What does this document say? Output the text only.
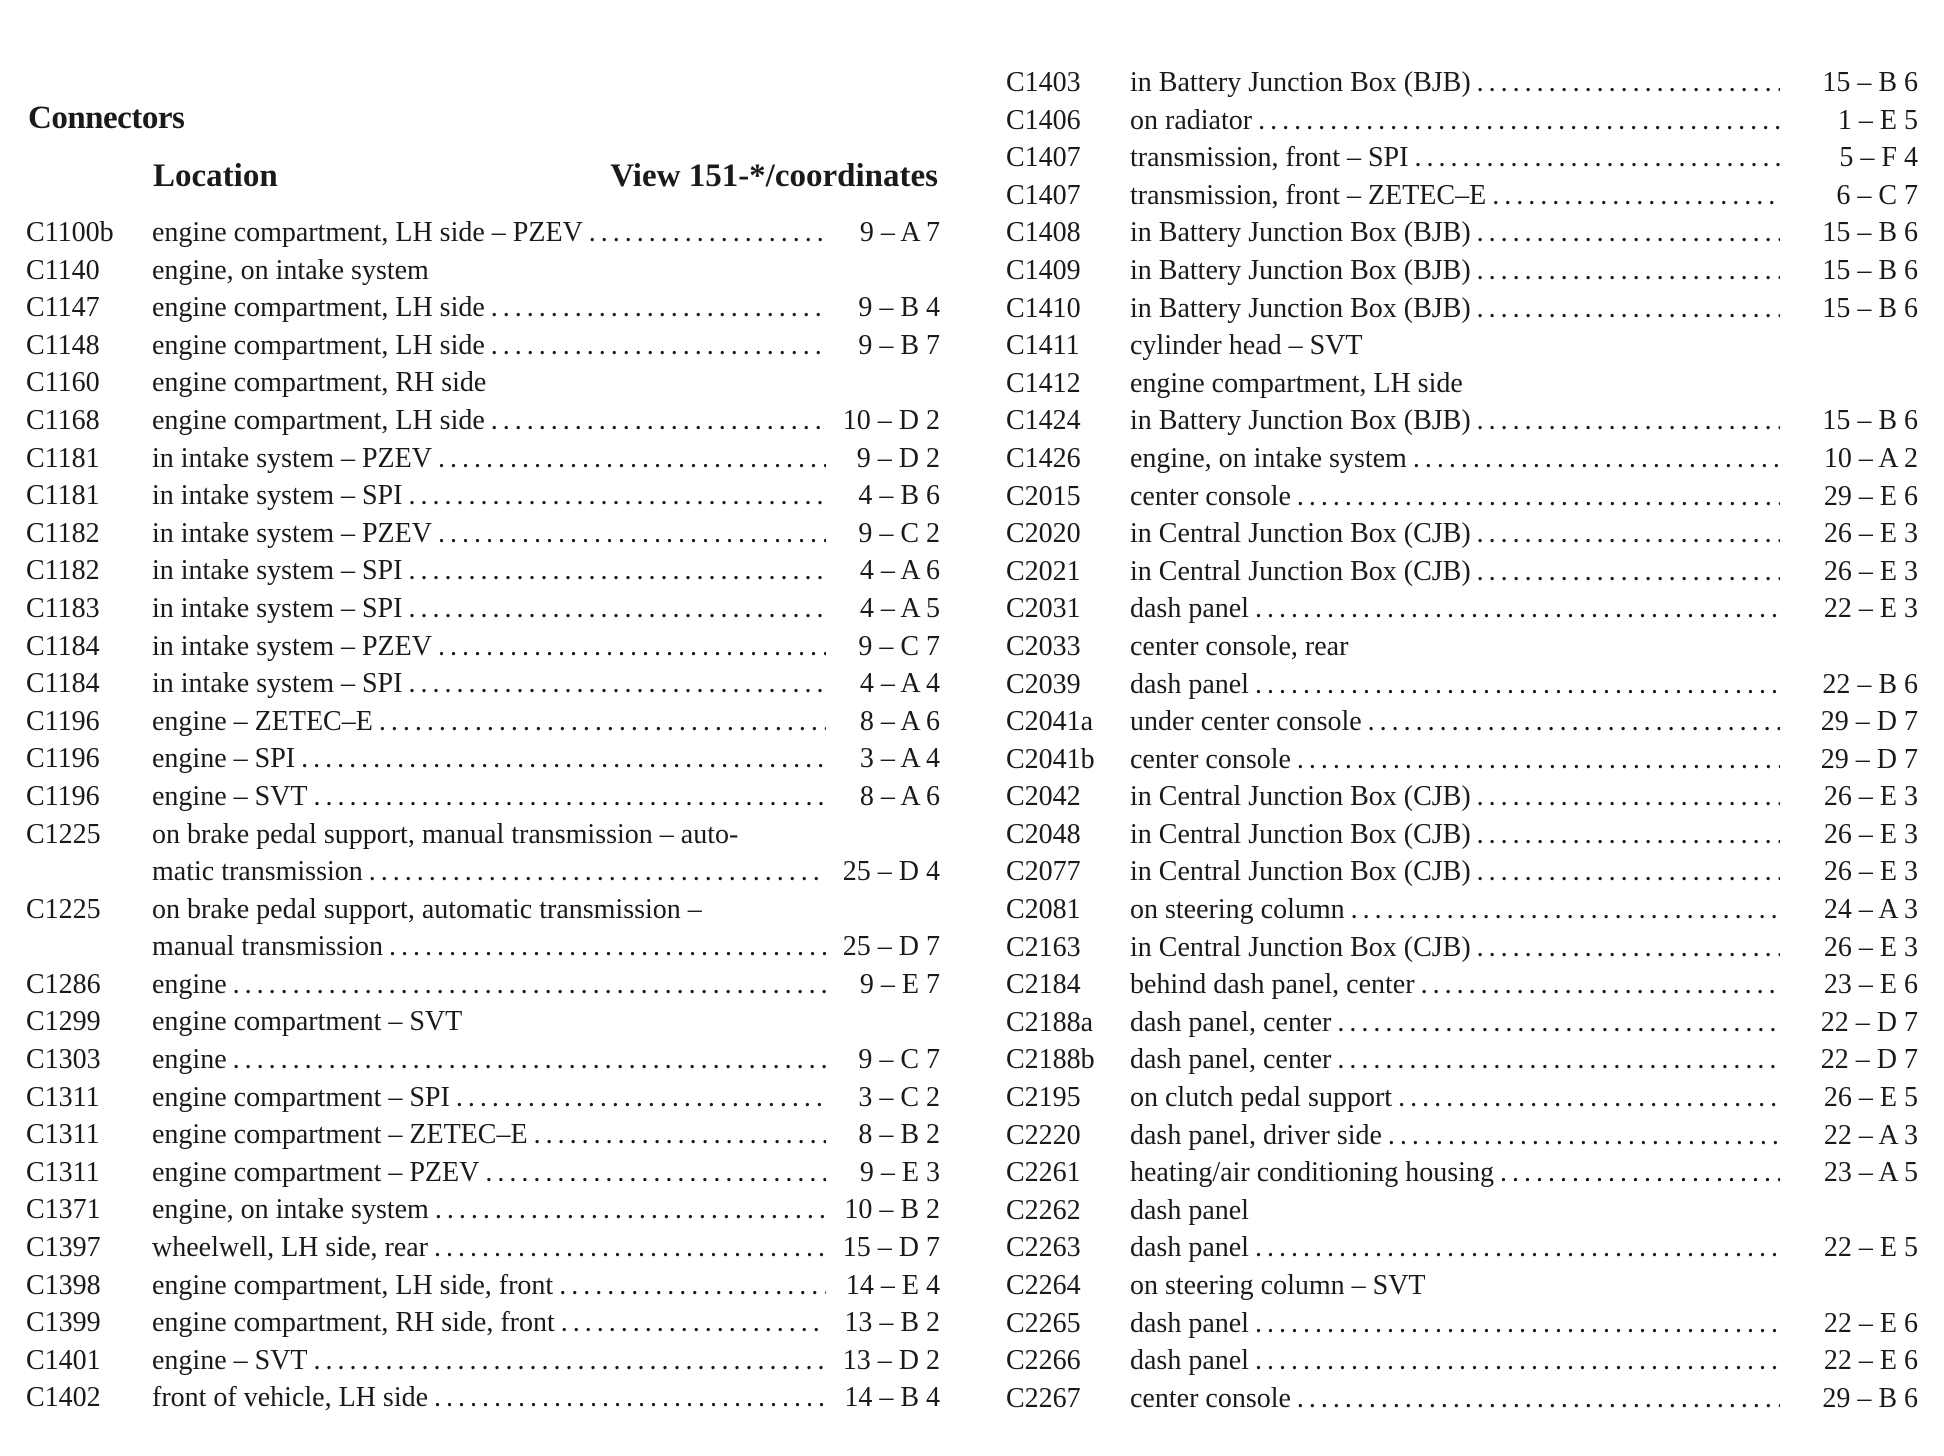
Connectors
Location	View 151-*/coordinates
C1100b engine compartment, LH side – PZEV . . .	9 – A 7
C1140 engine, on intake system
C1147 engine compartment, LH side . . .	9 – B 4
C1148 engine compartment, LH side . . .	9 – B 7
C1160 engine compartment, RH side
C1168 engine compartment, LH side . . .	10 – D 2
C1181 in intake system – PZEV . . .	9 – D 2
C1181 in intake system – SPI . . .	4 – B 6
C1182 in intake system – PZEV . . .	9 – C 2
C1182 in intake system – SPI . . .	4 – A 6
C1183 in intake system – SPI . . .	4 – A 5
C1184 in intake system – PZEV . . .	9 – C 7
C1184 in intake system – SPI . . .	4 – A 4
C1196 engine – ZETEC–E . . .	8 – A 6
C1196 engine – SPI . . .	3 – A 4
C1196 engine – SVT . . .	8 – A 6
C1225 on brake pedal support, manual transmission – auto-
matic transmission . . .	25 – D 4
C1225 on brake pedal support, automatic transmission –
manual transmission . . .	25 – D 7
C1286 engine . . .	9 – E 7
C1299 engine compartment – SVT
C1303 engine . . .	9 – C 7
C1311 engine compartment – SPI . . .	3 – C 2
C1311 engine compartment – ZETEC–E . . .	8 – B 2
C1311 engine compartment – PZEV . . .	9 – E 3
C1371 engine, on intake system . . .	10 – B 2
C1397 wheelwell, LH side, rear . . .	15 – D 7
C1398 engine compartment, LH side, front . . .	14 – E 4
C1399 engine compartment, RH side, front . . .	13 – B 2
C1401 engine – SVT . . .	13 – D 2
C1402 front of vehicle, LH side . . .	14 – B 4
C1403 in Battery Junction Box (BJB) . . .	15 – B 6
C1406 on radiator . . .	1 – E 5
C1407 transmission, front – SPI . . .	5 – F 4
C1407 transmission, front – ZETEC–E . . .	6 – C 7
C1408 in Battery Junction Box (BJB) . . .	15 – B 6
C1409 in Battery Junction Box (BJB) . . .	15 – B 6
C1410 in Battery Junction Box (BJB) . . .	15 – B 6
C1411 cylinder head – SVT
C1412 engine compartment, LH side
C1424 in Battery Junction Box (BJB) . . .	15 – B 6
C1426 engine, on intake system . . .	10 – A 2
C2015 center console . . .	29 – E 6
C2020 in Central Junction Box (CJB) . . .	26 – E 3
C2021 in Central Junction Box (CJB) . . .	26 – E 3
C2031 dash panel . . .	22 – E 3
C2033 center console, rear
C2039 dash panel . . .	22 – B 6
C2041a under center console . . .	29 – D 7
C2041b center console . . .	29 – D 7
C2042 in Central Junction Box (CJB) . . .	26 – E 3
C2048 in Central Junction Box (CJB) . . .	26 – E 3
C2077 in Central Junction Box (CJB) . . .	26 – E 3
C2081 on steering column . . .	24 – A 3
C2163 in Central Junction Box (CJB) . . .	26 – E 3
C2184 behind dash panel, center . . .	23 – E 6
C2188a dash panel, center . . .	22 – D 7
C2188b dash panel, center . . .	22 – D 7
C2195 on clutch pedal support . . .	26 – E 5
C2220 dash panel, driver side . . .	22 – A 3
C2261 heating/air conditioning housing . . .	23 – A 5
C2262 dash panel
C2263 dash panel . . .	22 – E 5
C2264 on steering column – SVT
C2265 dash panel . . .	22 – E 6
C2266 dash panel . . .	22 – E 6
C2267 center console . . .	29 – B 6
